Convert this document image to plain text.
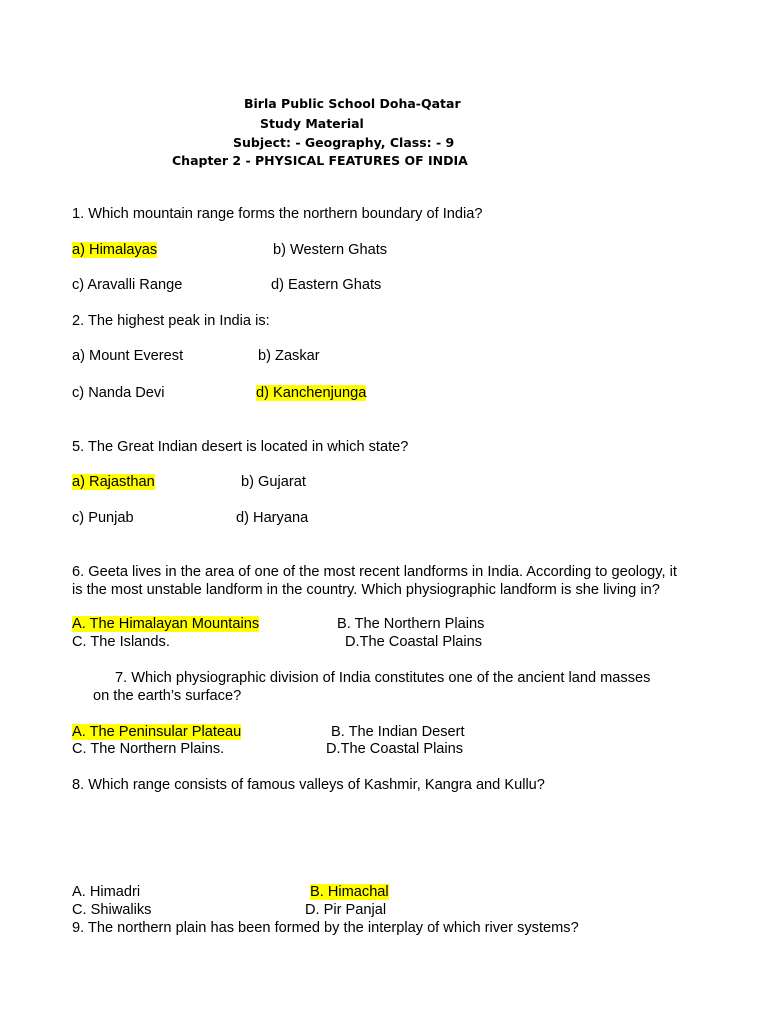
Birla Public School Doha-Qatar
Study Material
Subject: - Geography, Class: - 9
Chapter 2 - PHYSICAL FEATURES OF INDIA
1. Which mountain range forms the northern boundary of India?
a) Himalayas	b) Western Ghats
c) Aravalli Range	d) Eastern Ghats
2. The highest peak in India is:
a) Mount Everest	b) Zaskar
c) Nanda Devi	d) Kanchenjunga
5. The Great Indian desert is located in which state?
a) Rajasthan	b) Gujarat
c) Punjab	d) Haryana
6. Geeta lives in the area of one of the most recent landforms in India. According to geology, it
is the most unstable landform in the country. Which physiographic landform is she living in?
A. The Himalayan Mountains	B. The Northern Plains
C. The Islands.	D.The Coastal Plains
7. Which physiographic division of India constitutes one of the ancient land masses
on the earth’s surface?
A. The Peninsular Plateau	B. The Indian Desert
C. The Northern Plains.	D.The Coastal Plains
8. Which range consists of famous valleys of Kashmir, Kangra and Kullu?
A. Himadri	B. Himachal
C. Shiwaliks	D. Pir Panjal
9. The northern plain has been formed by the interplay of which river systems?
